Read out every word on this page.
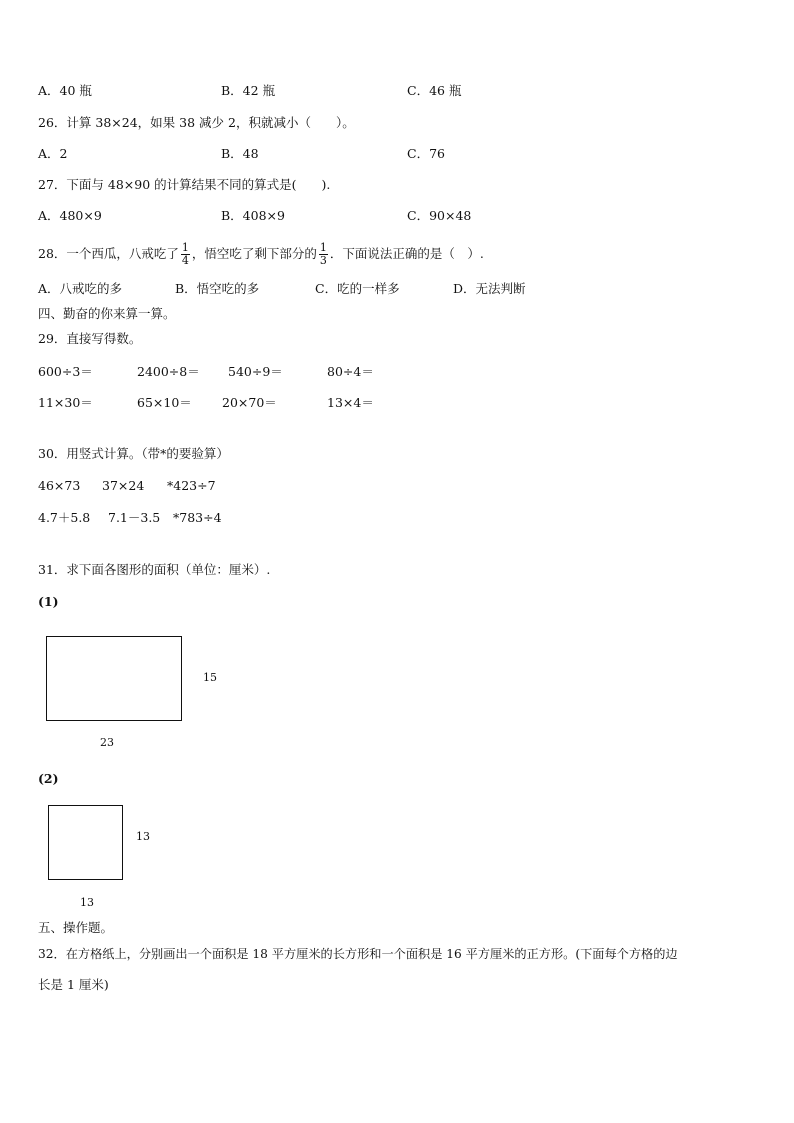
A．40 瓶	B．42 瓶	C．46 瓶
26．计算 38×24，如果 38 减少 2，积就减小（　　）。
A．2	B．48	C．76
27．下面与 48×90 的计算结果不同的算式是(　　).
A．480×9	B．408×9	C．90×48
28．一个西瓜，八戒吃了 $\frac{1}{4}$ ，悟空吃了剩下部分的 $\frac{1}{3}$ ．下面说法正确的是（　）.
A．八戒吃的多	B．悟空吃的多	C．吃的一样多	D．无法判断
四、勤奋的你来算一算。
29．直接写得数。
600÷3＝	2400÷8＝ 540÷9＝	80÷4＝
11×30＝	65×10＝ 20×70＝	13×4＝
30．用竖式计算。（带*的要验算）
46×73 37×24 *423÷7
4.7＋5.8 7.1－3.5 *783÷4
31．求下面各图形的面积（单位：厘米）.
(1)
15
23
(2)
13
13
五、操作题。
32．在方格纸上，分别画出一个面积是 18 平方厘米的长方形和一个面积是 16 平方厘米的正方形。(下面每个方格的边
长是 1 厘米)
